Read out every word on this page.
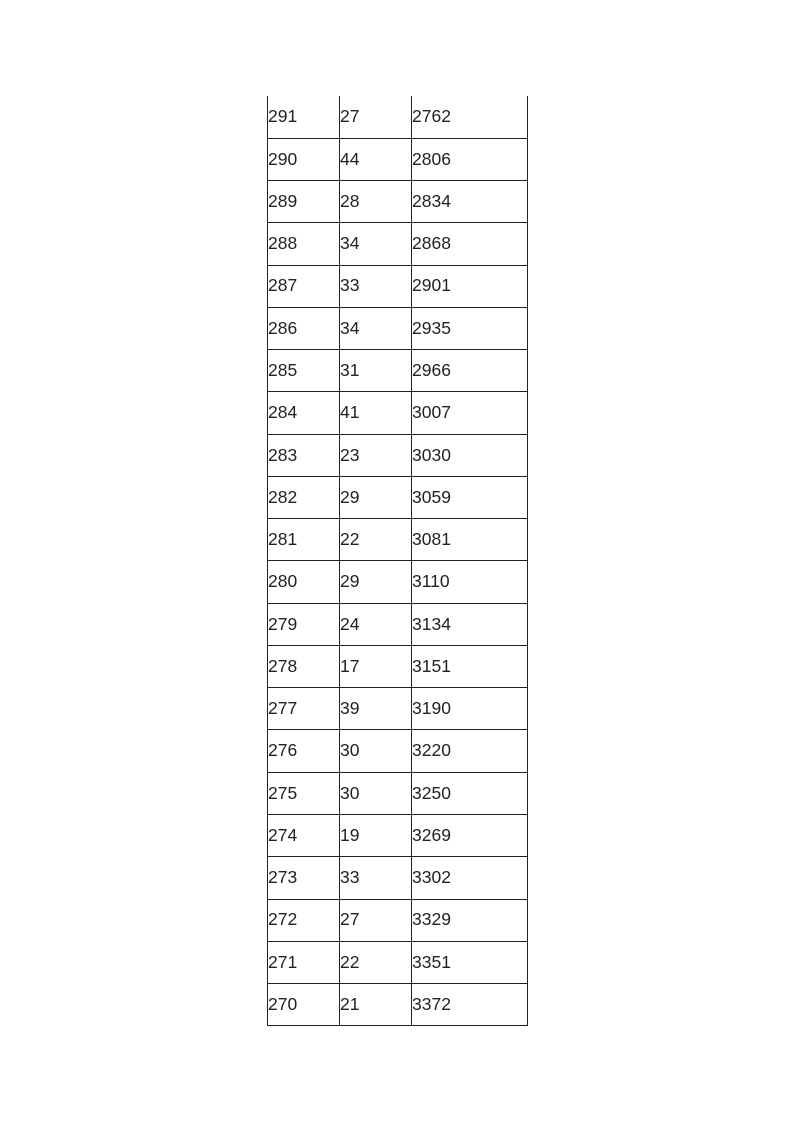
291	27	2762
290	44	2806
289	28	2834
288	34	2868
287	33	2901
286	34	2935
285	31	2966
284	41	3007
283	23	3030
282	29	3059
281	22	3081
280	29	3110
279	24	3134
278	17	3151
277	39	3190
276	30	3220
275	30	3250
274	19	3269
273	33	3302
272	27	3329
271	22	3351
270	21	3372
